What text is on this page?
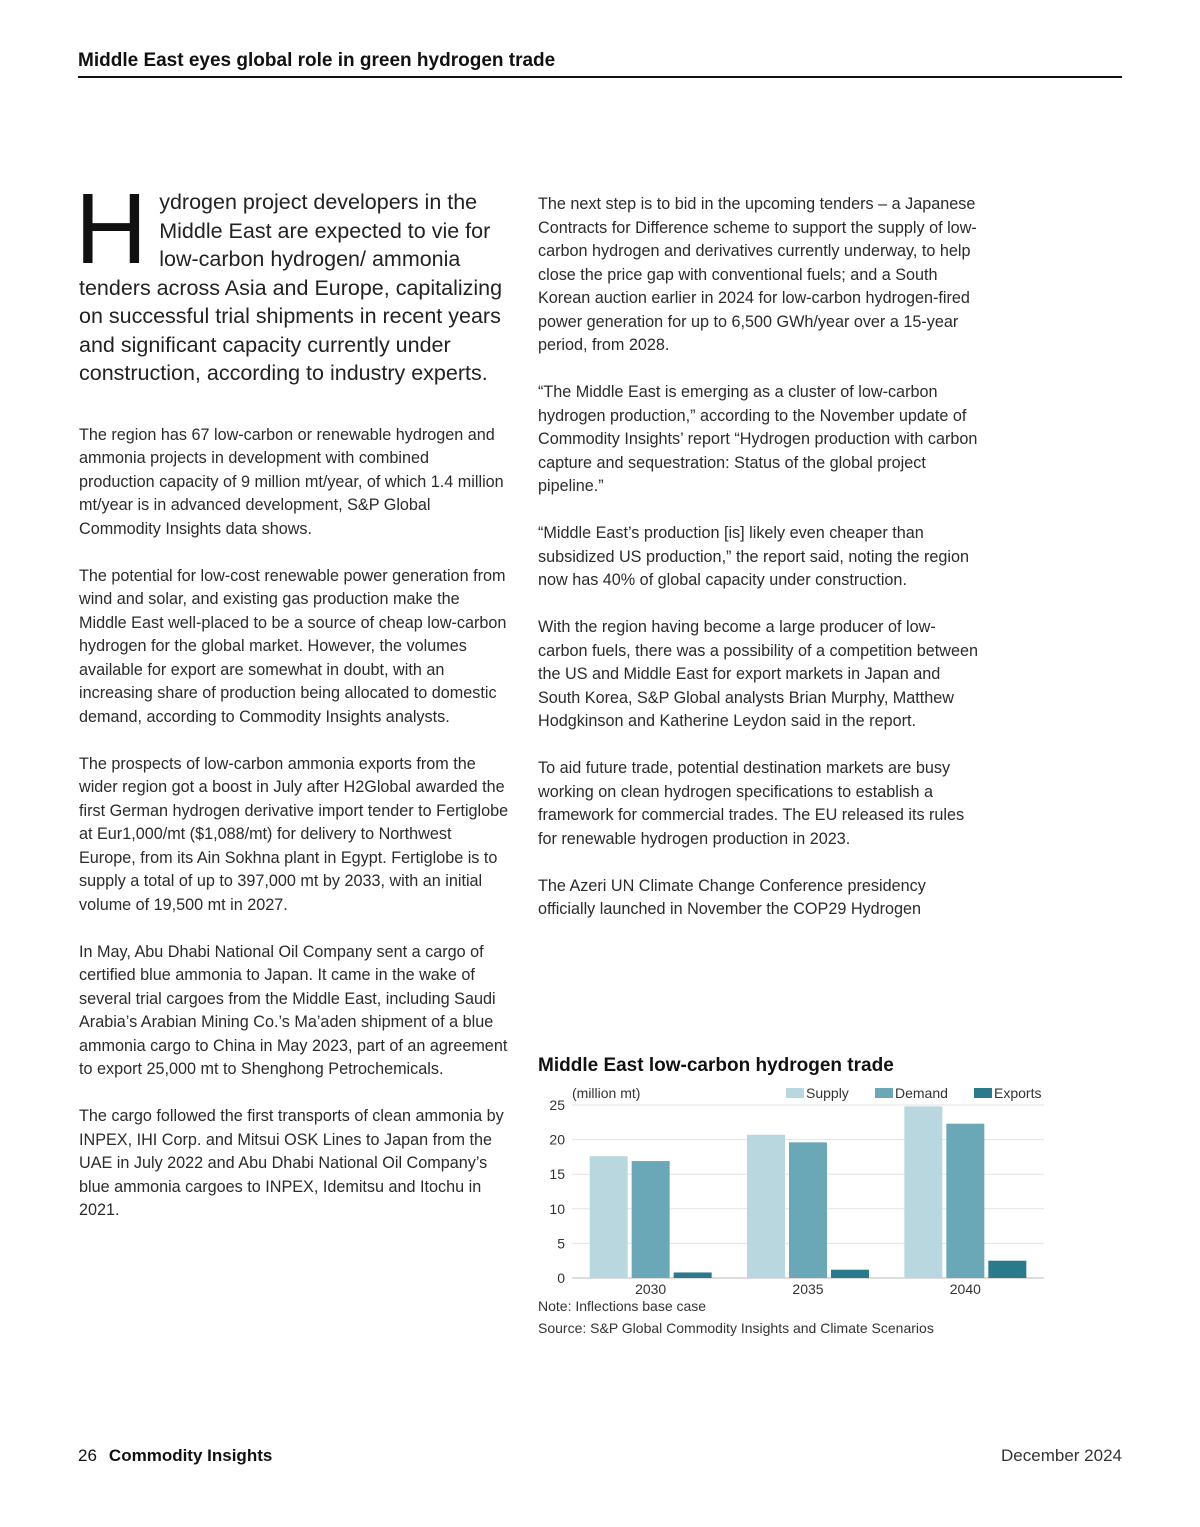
Middle East eyes global role in green hydrogen trade

Hydrogen project developers in the Middle East are expected to vie for low-carbon hydrogen/ ammonia tenders across Asia and Europe, capitalizing on successful trial shipments in recent years and significant capacity currently under construction, according to industry experts.

The region has 67 low-carbon or renewable hydrogen and ammonia projects in development with combined production capacity of 9 million mt/year, of which 1.4 million mt/year is in advanced development, S&P Global Commodity Insights data shows.

The potential for low-cost renewable power generation from wind and solar, and existing gas production make the Middle East well-placed to be a source of cheap low-carbon hydrogen for the global market. However, the volumes available for export are somewhat in doubt, with an increasing share of production being allocated to domestic demand, according to Commodity Insights analysts.

The prospects of low-carbon ammonia exports from the wider region got a boost in July after H2Global awarded the first German hydrogen derivative import tender to Fertiglobe at Eur1,000/mt ($1,088/mt) for delivery to Northwest Europe, from its Ain Sokhna plant in Egypt. Fertiglobe is to supply a total of up to 397,000 mt by 2033, with an initial volume of 19,500 mt in 2027.

In May, Abu Dhabi National Oil Company sent a cargo of certified blue ammonia to Japan. It came in the wake of several trial cargoes from the Middle East, including Saudi Arabia’s Arabian Mining Co.’s Ma’aden shipment of a blue ammonia cargo to China in May 2023, part of an agreement to export 25,000 mt to Shenghong Petrochemicals.

The cargo followed the first transports of clean ammonia by INPEX, IHI Corp. and Mitsui OSK Lines to Japan from the UAE in July 2022 and Abu Dhabi National Oil Company’s blue ammonia cargoes to INPEX, Idemitsu and Itochu in 2021.

The next step is to bid in the upcoming tenders – a Japanese Contracts for Difference scheme to support the supply of low-carbon hydrogen and derivatives currently underway, to help close the price gap with conventional fuels; and a South Korean auction earlier in 2024 for low-carbon hydrogen-fired power generation for up to 6,500 GWh/year over a 15-year period, from 2028.

“The Middle East is emerging as a cluster of low-carbon hydrogen production,” according to the November update of Commodity Insights’ report “Hydrogen production with carbon capture and sequestration: Status of the global project pipeline.”

“Middle East’s production [is] likely even cheaper than subsidized US production,” the report said, noting the region now has 40% of global capacity under construction.

With the region having become a large producer of low-carbon fuels, there was a possibility of a competition between the US and Middle East for export markets in Japan and South Korea, S&P Global analysts Brian Murphy, Matthew Hodgkinson and Katherine Leydon said in the report.

To aid future trade, potential destination markets are busy working on clean hydrogen specifications to establish a framework for commercial trades. The EU released its rules for renewable hydrogen production in 2023.

The Azeri UN Climate Change Conference presidency officially launched in November the COP29 Hydrogen

Middle East low-carbon hydrogen trade
0
5
10
15
20
25
(million mt)
2030	2035	2040
Supply	Demand	Exports
Note: Inflections base case
Source: S&P Global Commodity Insights and Climate Scenarios
26 Commodity Insights	December 2024
